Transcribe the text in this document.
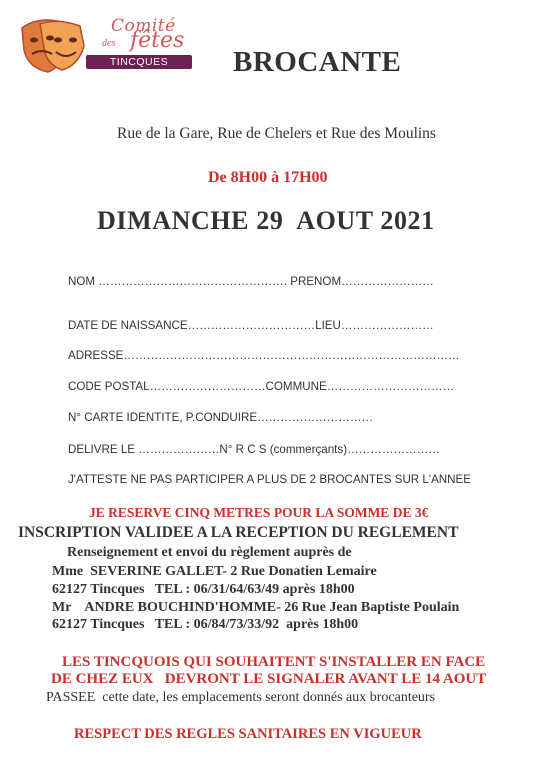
Comité
des fêtes
TINCQUES	BROCANTE
Rue de la Gare, Rue de Chelers et Rue des Moulins
De 8H00 à 17H00
DIMANCHE 29  AOUT 2021
NOM …………………………………………. PRENOM……………………
DATE DE NAISSANCE……………………………LIEU……………………
ADRESSE……………………………………………………………………………
CODE POSTAL…………………………COMMUNE……………………………
N° CARTE IDENTITE, P.CONDUIRE…………………………
DELIVRE LE …………………N° R C S (commerçants)……………………
J'ATTESTE NE PAS PARTICIPER A PLUS DE 2 BROCANTES SUR L'ANNEE
JE RESERVE CINQ METRES POUR LA SOMME DE 3€
INSCRIPTION VALIDEE A LA RECEPTION DU REGLEMENT
Renseignement et envoi du règlement auprès de
Mme  SEVERINE GALLET- 2 Rue Donatien Lemaire
62127 Tincques   TEL : 06/31/64/63/49 après 18h00
Mr    ANDRE BOUCHIND'HOMME- 26 Rue Jean Baptiste Poulain
62127 Tincques   TEL : 06/84/73/33/92  après 18h00
LES TINCQUOIS QUI SOUHAITENT S'INSTALLER EN FACE
DE CHEZ EUX   DEVRONT LE SIGNALER AVANT LE 14 AOUT
PASSEE  cette date, les emplacements seront donnés aux brocanteurs
RESPECT DES REGLES SANITAIRES EN VIGUEUR
